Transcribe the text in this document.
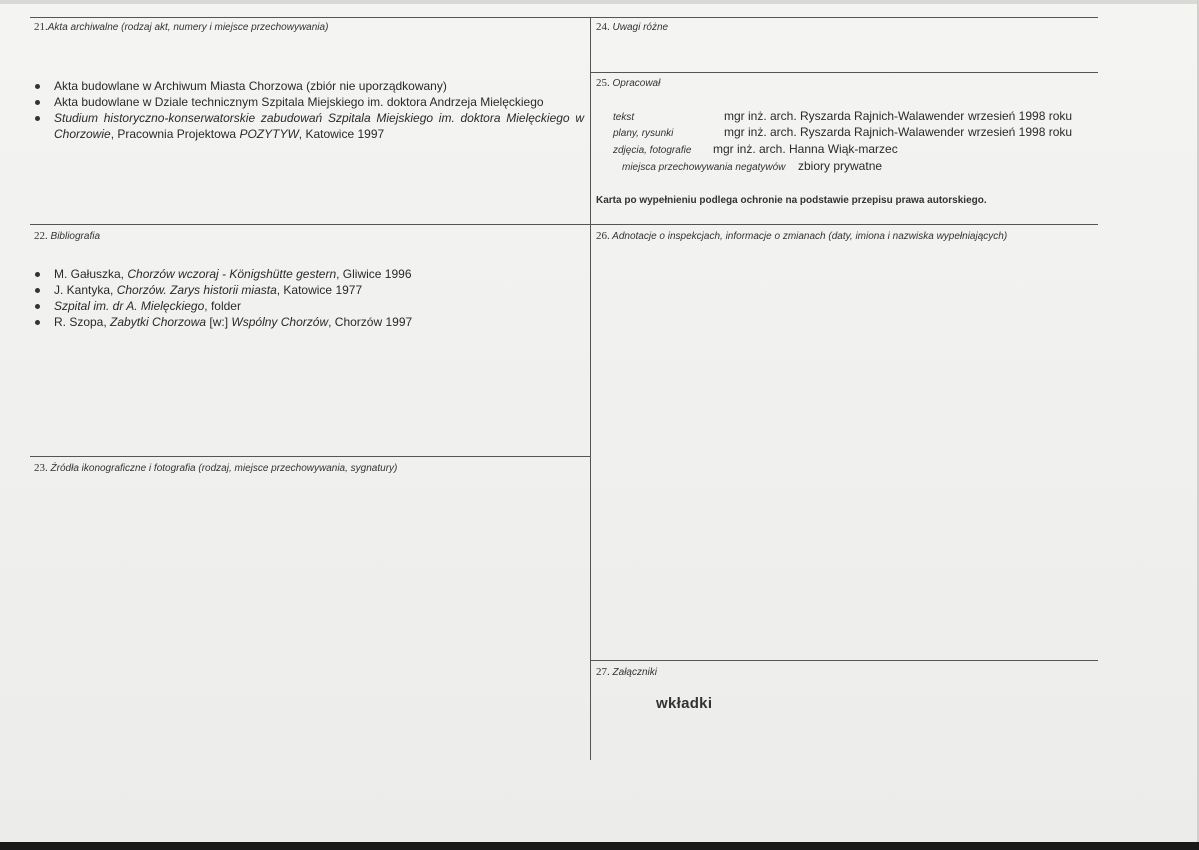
21.Akta archiwalne (rodzaj akt, numery i miejsce przechowywania)
Akta budowlane w Archiwum Miasta Chorzowa (zbiór nie uporządkowany)
Akta budowlane w Dziale technicznym Szpitala Miejskiego im. doktora Andrzeja Mielęckiego
Studium historyczno-konserwatorskie zabudowań Szpitala Miejskiego im. doktora Mielęckiego w Chorzowie, Pracownia Projektowa POZYTYW, Katowice 1997
22. Bibliografia
M. Gałuszka, Chorzów wczoraj - Königshütte gestern, Gliwice 1996
J. Kantyka, Chorzów. Zarys historii miasta, Katowice 1977
Szpital im. dr A. Mielęckiego, folder
R. Szopa, Zabytki Chorzowa [w:] Wspólny Chorzów, Chorzów 1997
23. Źródła ikonograficzne i fotografia (rodzaj, miejsce przechowywania, sygnatury)
24. Uwagi różne
25. Opracował
tekst	mgr inż. arch. Ryszarda Rajnich-Walawender wrzesień 1998 roku
plany, rysunki	mgr inż. arch. Ryszarda Rajnich-Walawender wrzesień 1998 roku
zdjęcia, fotografie mgr inż. arch. Hanna Wiąk-marzec
miejsca przechowywania negatywów zbiory prywatne
Karta po wypełnieniu podlega ochronie na podstawie przepisu prawa autorskiego.
26. Adnotacje o inspekcjach, informacje o zmianach (daty, imiona i nazwiska wypełniających)
27. Załączniki
wkładki
